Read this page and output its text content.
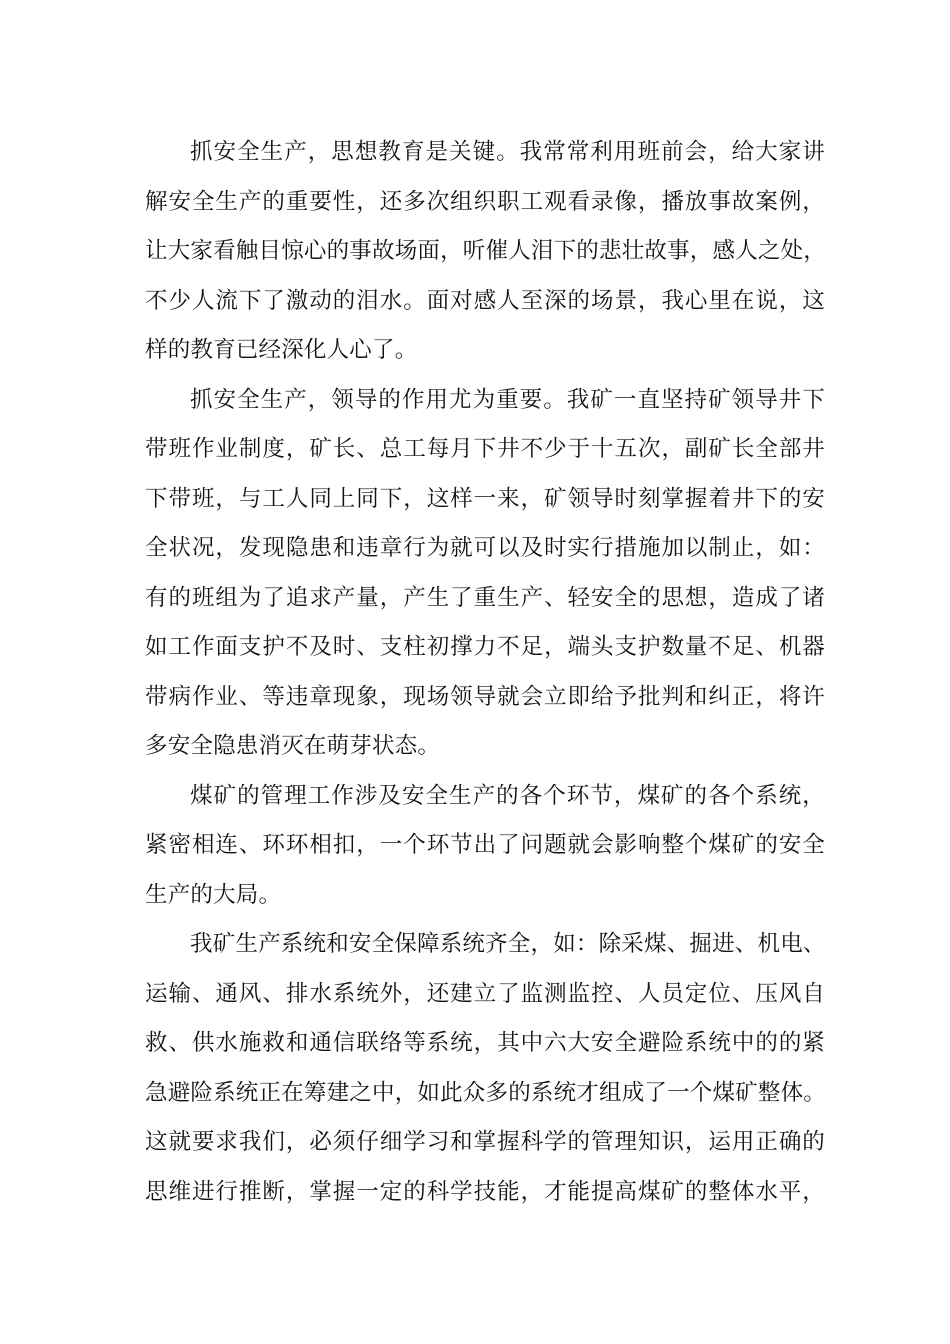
抓安全生产，思想教育是关键。我常常利用班前会，给大家讲
解安全生产的重要性，还多次组织职工观看录像，播放事故案例，
让大家看触目惊心的事故场面，听催人泪下的悲壮故事，感人之处，
不少人流下了激动的泪水。面对感人至深的场景，我心里在说，这
样的教育已经深化人心了。
抓安全生产，领导的作用尤为重要。我矿一直坚持矿领导井下
带班作业制度，矿长、总工每月下井不少于十五次，副矿长全部井
下带班，与工人同上同下，这样一来，矿领导时刻掌握着井下的安
全状况，发现隐患和违章行为就可以及时实行措施加以制止，如：
有的班组为了追求产量，产生了重生产、轻安全的思想，造成了诸
如工作面支护不及时、支柱初撑力不足，端头支护数量不足、机器
带病作业、等违章现象，现场领导就会立即给予批判和纠正，将许
多安全隐患消灭在萌芽状态。
煤矿的管理工作涉及安全生产的各个环节，煤矿的各个系统，
紧密相连、环环相扣，一个环节出了问题就会影响整个煤矿的安全
生产的大局。
我矿生产系统和安全保障系统齐全，如：除采煤、掘进、机电、
运输、通风、排水系统外，还建立了监测监控、人员定位、压风自
救、供水施救和通信联络等系统，其中六大安全避险系统中的的紧
急避险系统正在筹建之中，如此众多的系统才组成了一个煤矿整体。
这就要求我们，必须仔细学习和掌握科学的管理知识，运用正确的
思维进行推断，掌握一定的科学技能，才能提高煤矿的整体水平，
